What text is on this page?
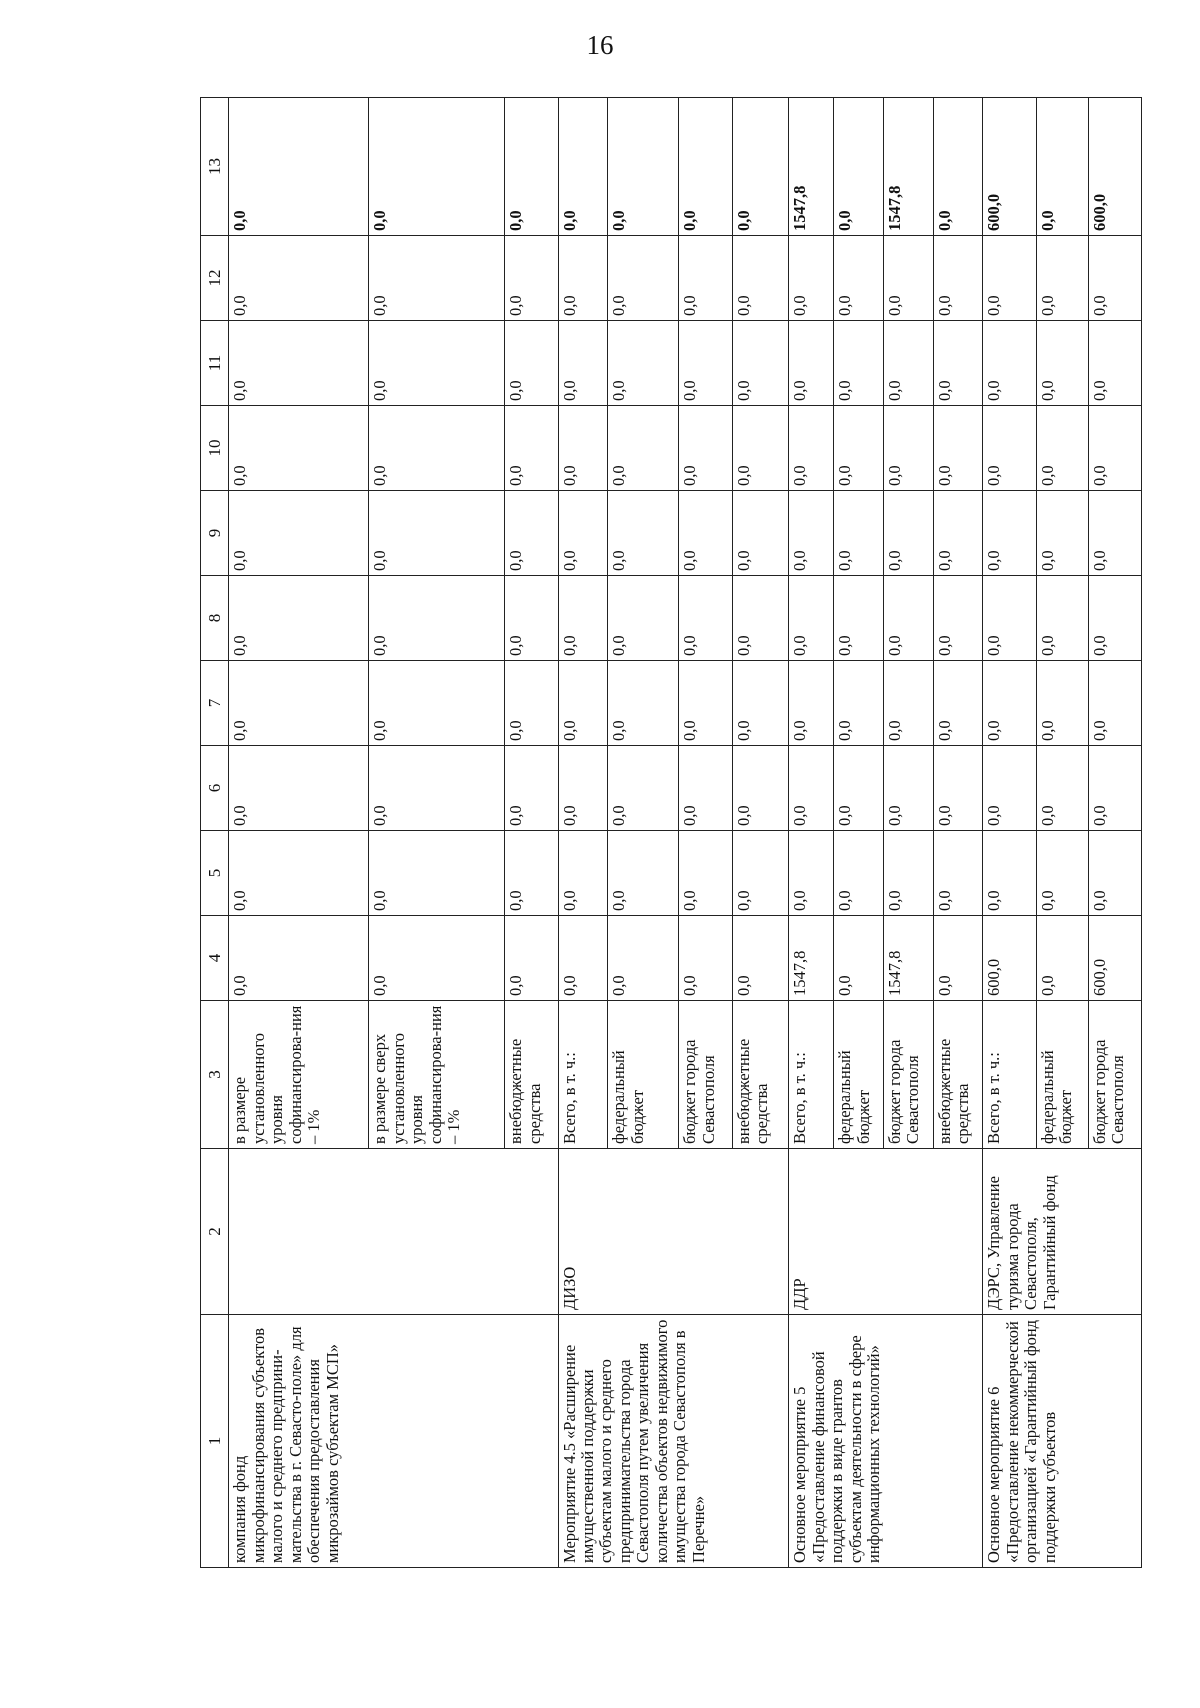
16
1	2	3	4	5	6	7	8	9	10	11	12	13
компания фонд микрофинансирования субъектов малого и среднего предприни-мательства в г. Севасто-поле» для обеспечения предоставления микрозаймов субъектам МСП»		в размере установленного уровня софинансирова-ния – 1%	0,0	0,0	0,0	0,0	0,0	0,0	0,0	0,0	0,0	0,0
		в размере сверх установленного уровня софинансирова-ния – 1%	0,0	0,0	0,0	0,0	0,0	0,0	0,0	0,0	0,0	0,0
		внебюджетные средства	0,0	0,0	0,0	0,0	0,0	0,0	0,0	0,0	0,0	0,0
Мероприятие 4.5 «Расширение имущественной поддержки субъектам малого и среднего предпринимательства города Севастополя путем увеличения количества объектов недвижимого имущества города Севастополя в Перечне»	ДИЗО	Всего, в т. ч.:	0,0	0,0	0,0	0,0	0,0	0,0	0,0	0,0	0,0	0,0
		федеральный бюджет	0,0	0,0	0,0	0,0	0,0	0,0	0,0	0,0	0,0	0,0
		бюджет города Севастополя	0,0	0,0	0,0	0,0	0,0	0,0	0,0	0,0	0,0	0,0
		внебюджетные средства	0,0	0,0	0,0	0,0	0,0	0,0	0,0	0,0	0,0	0,0
Основное мероприятие 5 «Предоставление финансовой поддержки в виде грантов субъектам деятельности в сфере информационных технологий»	ДДР	Всего, в т. ч.:	1547,8	0,0	0,0	0,0	0,0	0,0	0,0	0,0	0,0	1547,8
		федеральный бюджет	0,0	0,0	0,0	0,0	0,0	0,0	0,0	0,0	0,0	0,0
		бюджет города Севастополя	1547,8	0,0	0,0	0,0	0,0	0,0	0,0	0,0	0,0	1547,8
		внебюджетные средства	0,0	0,0	0,0	0,0	0,0	0,0	0,0	0,0	0,0	0,0
Основное мероприятие 6 «Предоставление некоммерческой организацией «Гарантийный фонд поддержки субъектов	ДЭРС, Управление туризма города Севастополя, Гарантийный фонд	Всего, в т. ч.:	600,0	0,0	0,0	0,0	0,0	0,0	0,0	0,0	0,0	600,0
		федеральный бюджет	0,0	0,0	0,0	0,0	0,0	0,0	0,0	0,0	0,0	0,0
		бюджет города Севастополя	600,0	0,0	0,0	0,0	0,0	0,0	0,0	0,0	0,0	600,0
